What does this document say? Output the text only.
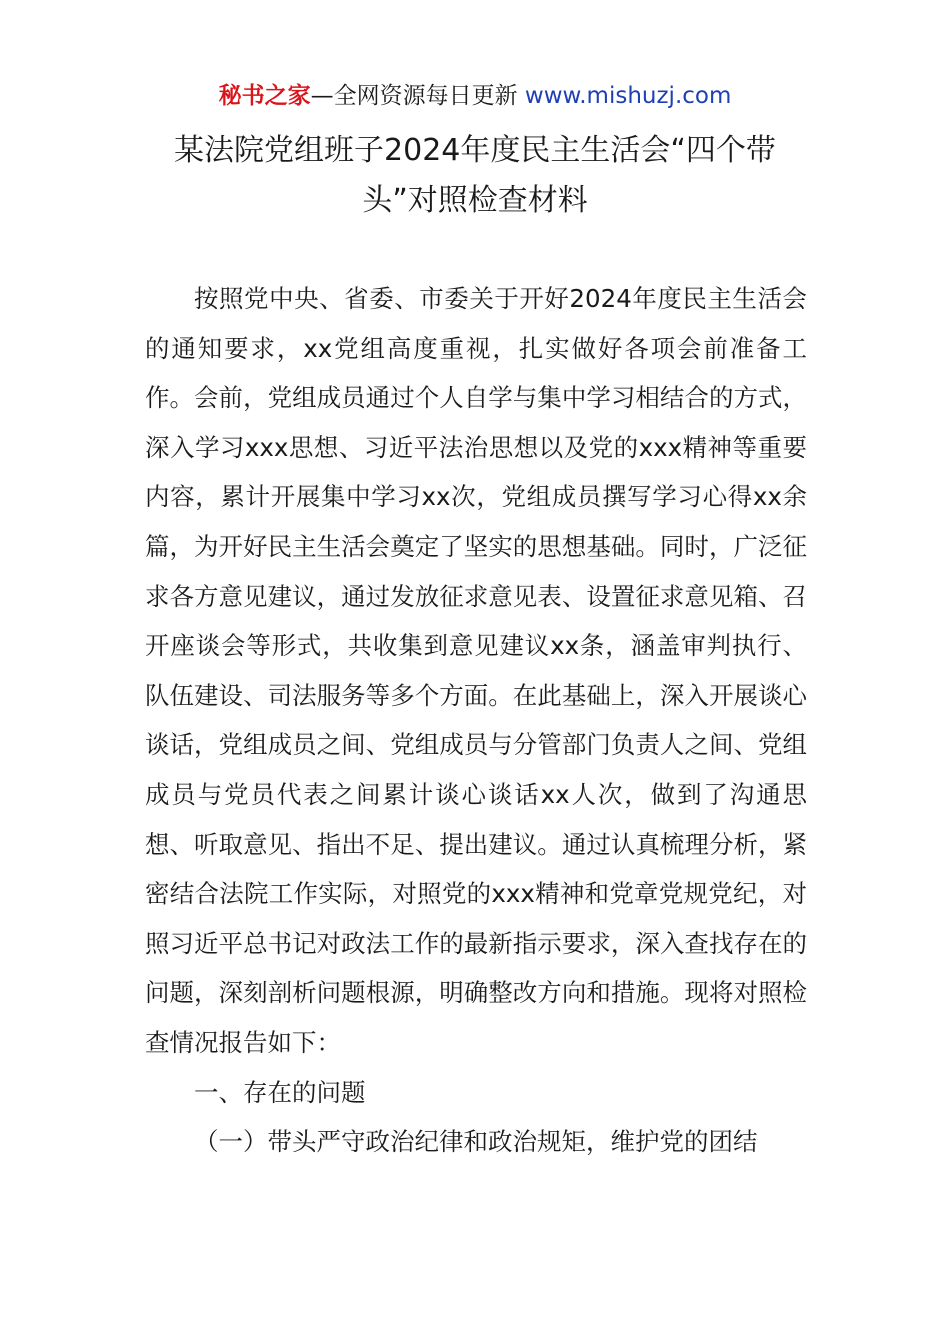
秘书之家—全网资源每日更新 www.mishuzj.com
某法院党组班子2024年度民主生活会“四个带头”对照检查材料

按照党中央、省委、市委关于开好2024年度民主生活会的通知要求，xx党组高度重视，扎实做好各项会前准备工作。会前，党组成员通过个人自学与集中学习相结合的方式，深入学习xxx思想、习近平法治思想以及党的xxx精神等重要内容，累计开展集中学习xx次，党组成员撰写学习心得xx余篇，为开好民主生活会奠定了坚实的思想基础。同时，广泛征求各方意见建议，通过发放征求意见表、设置征求意见箱、召开座谈会等形式，共收集到意见建议xx条，涵盖审判执行、队伍建设、司法服务等多个方面。在此基础上，深入开展谈心谈话，党组成员之间、党组成员与分管部门负责人之间、党组成员与党员代表之间累计谈心谈话xx人次，做到了沟通思想、听取意见、指出不足、提出建议。通过认真梳理分析，紧密结合法院工作实际，对照党的xxx精神和党章党规党纪，对照习近平总书记对政法工作的最新指示要求，深入查找存在的问题，深刻剖析问题根源，明确整改方向和措施。现将对照检查情况报告如下：

一、存在的问题

（一）带头严守政治纪律和政治规矩，维护党的团结
